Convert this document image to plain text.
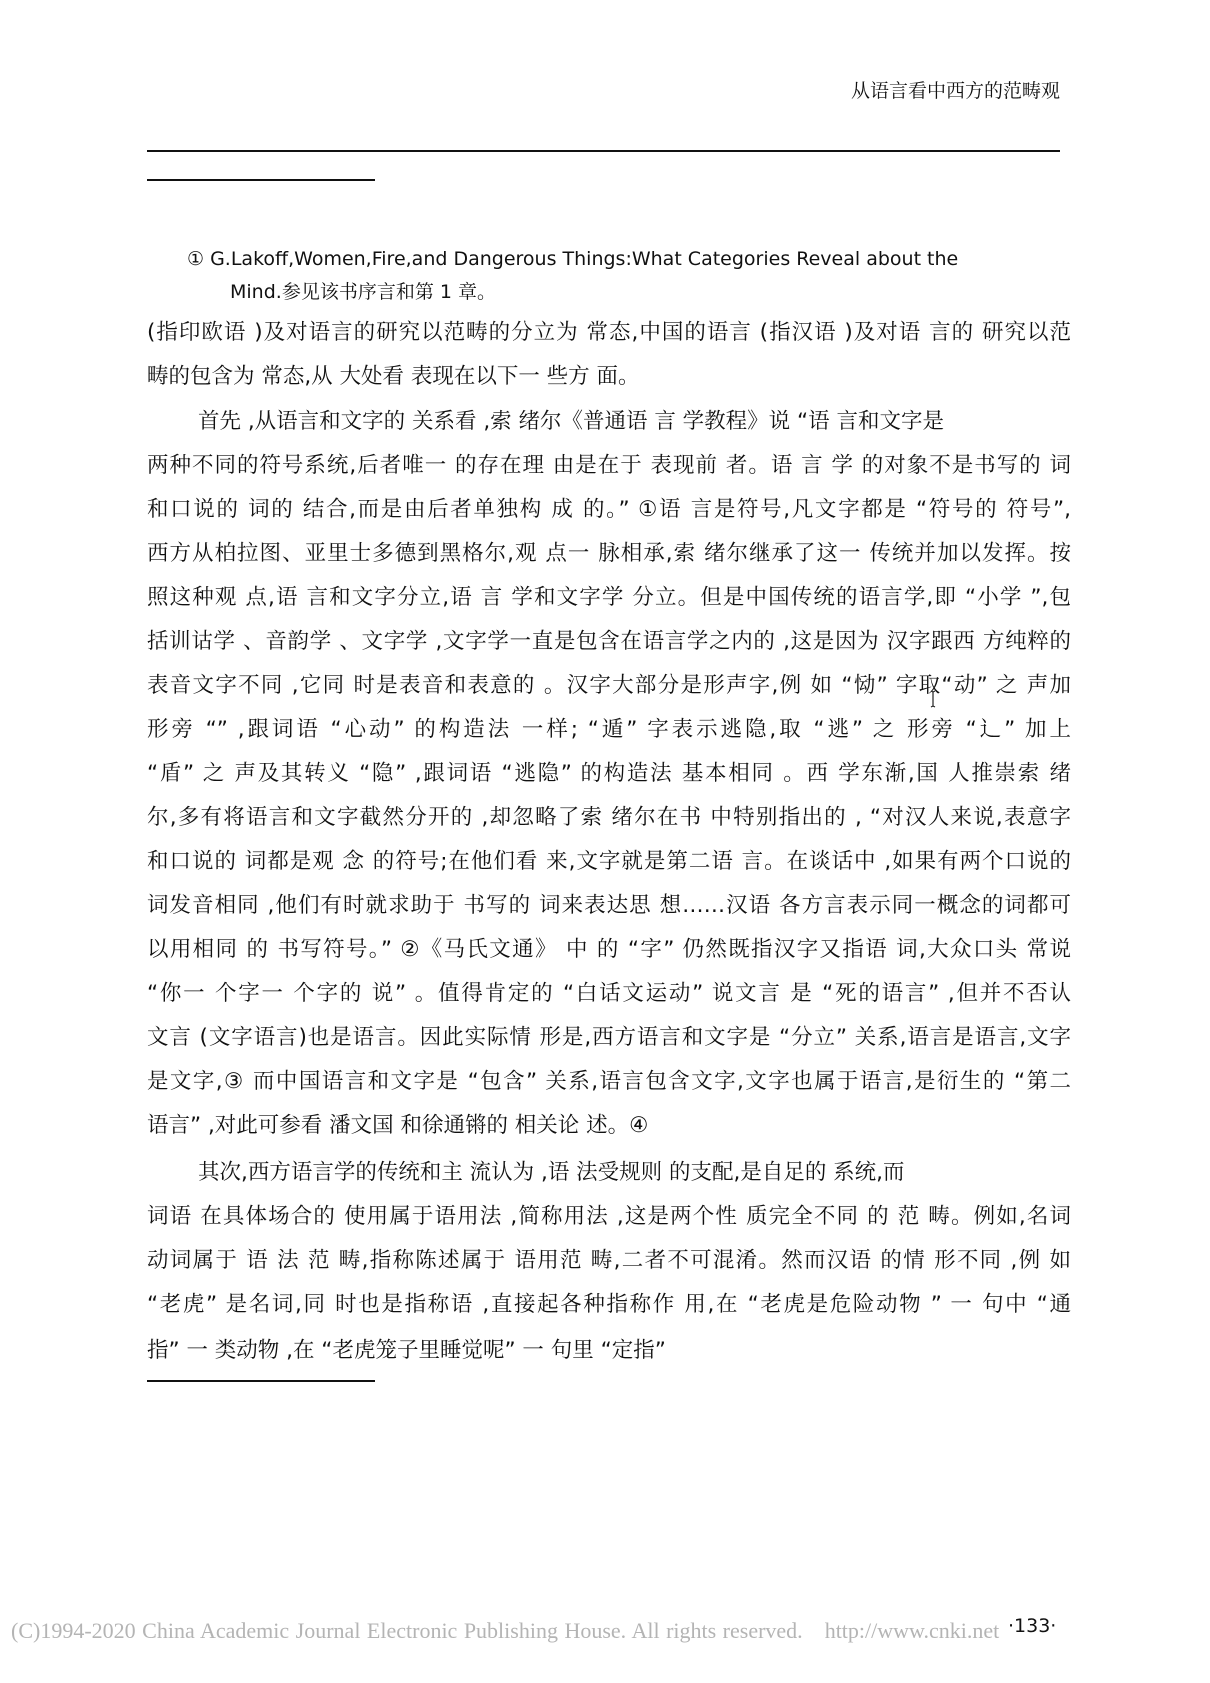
从语言看中西方的范畴观
① G.Lakoff,Women,Fire,and Dangerous Things:What Categories Reveal about the
Mind.参见该书序言和第 1 章。
(指印欧语 )及对语言的研究以范畴的分立为 常态,中国的语言 (指汉语 )及对语 言的 研究以范
畴的包含为 常态,从 大处看 表现在以下一 些方 面。
首先 ,从语言和文字的 关系看 ,索 绪尔《普通语 言 学教程》说 “语 言和文字是
两种不同的符号系统,后者唯一 的存在理 由是在于 表现前 者。语 言 学 的对象不是书写的 词
和口说的 词的 结合,而是由后者单独构 成 的。” ①语 言是符号,凡文字都是 “符号的 符号”,
西方从柏拉图、亚里士多德到黑格尔,观 点一 脉相承,索 绪尔继承了这一 传统并加以发挥。按
照这种观 点,语 言和文字分立,语 言 学和文字学 分立。但是中国传统的语言学,即 “小学 ”,包
括训诂学 、音韵学 、文字学 ,文字学一直是包含在语言学之内的 ,这是因为 汉字跟西 方纯粹的
表音文字不同 ,它同 时是表音和表意的 。汉字大部分是形声字,例 如 “恸” 字取“动” 之 声加
形旁 “” ,跟词语 “心动” 的构造法 一样; “遁” 字表示逃隐,取 “逃” 之 形旁 “辶” 加上
“盾” 之 声及其转义 “隐” ,跟词语 “逃隐” 的构造法 基本相同 。西 学东渐,国 人推崇索 绪
尔,多有将语言和文字截然分开的 ,却忽略了索 绪尔在书 中特别指出的 , “对汉人来说,表意字
和口说的 词都是观 念 的符号;在他们看 来,文字就是第二语 言。在谈话中 ,如果有两个口说的
词发音相同 ,他们有时就求助于 书写的 词来表达思 想……汉语 各方言表示同一概念的词都可
以用相同 的 书写符号。” ②《马氏文通》 中 的 “字” 仍然既指汉字又指语 词,大众口头 常说
“你一 个字一 个字的 说” 。值得肯定的 “白话文运动” 说文言 是 “死的语言” ,但并不否认
文言 (文字语言)也是语言。因此实际情 形是,西方语言和文字是 “分立” 关系,语言是语言,文字
是文字,③ 而中国语言和文字是 “包含” 关系,语言包含文字,文字也属于语言,是衍生的 “第二
语言” ,对此可参看 潘文国 和徐通锵的 相关论 述。④
其次,西方语言学的传统和主 流认为 ,语 法受规则 的支配,是自足的 系统,而
词语 在具体场合的 使用属于语用法 ,简称用法 ,这是两个性 质完全不同 的 范 畴。例如,名词
动词属于 语 法 范 畴,指称陈述属于 语用范 畴,二者不可混淆。然而汉语 的情 形不同 ,例 如
“老虎” 是名词,同 时也是指称语 ,直接起各种指称作 用,在 “老虎是危险动物 ” 一 句中 “通
指” 一 类动物 ,在 “老虎笼子里睡觉呢” 一 句里 “定指”
(C)1994-2020 China Academic Journal Electronic Publishing House. All rights reserved. http://www.cnki.net ·133·
